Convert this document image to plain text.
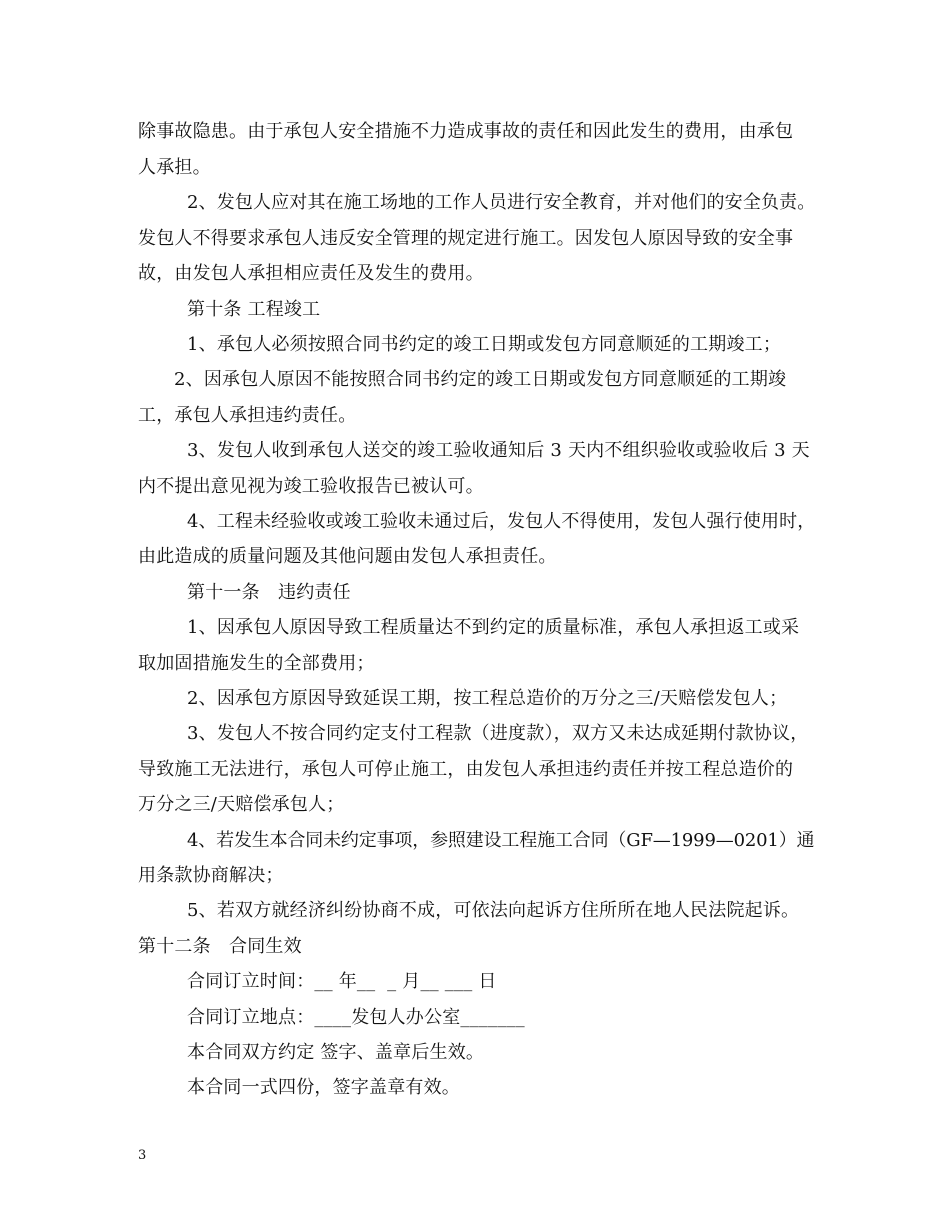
除事故隐患。由于承包人安全措施不力造成事故的责任和因此发生的费用，由承包
人承担。
2、发包人应对其在施工场地的工作人员进行安全教育，并对他们的安全负责。
发包人不得要求承包人违反安全管理的规定进行施工。因发包人原因导致的安全事
故，由发包人承担相应责任及发生的费用。
第十条 工程竣工
1、承包人必须按照合同书约定的竣工日期或发包方同意顺延的工期竣工；
2、因承包人原因不能按照合同书约定的竣工日期或发包方同意顺延的工期竣
工，承包人承担违约责任。
3、发包人收到承包人送交的竣工验收通知后 3 天内不组织验收或验收后 3 天
内不提出意见视为竣工验收报告已被认可。
4、工程未经验收或竣工验收未通过后，发包人不得使用，发包人强行使用时，
由此造成的质量问题及其他问题由发包人承担责任。
第十一条　违约责任
1、因承包人原因导致工程质量达不到约定的质量标准，承包人承担返工或采
取加固措施发生的全部费用；
2、因承包方原因导致延误工期，按工程总造价的万分之三/天赔偿发包人；
3、发包人不按合同约定支付工程款（进度款），双方又未达成延期付款协议，
导致施工无法进行，承包人可停止施工，由发包人承担违约责任并按工程总造价的
万分之三/天赔偿承包人；
4、若发生本合同未约定事项，参照建设工程施工合同（GF—1999—0201）通
用条款协商解决；
5、若双方就经济纠纷协商不成，可依法向起诉方住所所在地人民法院起诉。
第十二条　合同生效
合同订立时间：__ 年__  _ 月__ ___ 日
合同订立地点：____发包人办公室_______
本合同双方约定 签字、盖章后生效。
本合同一式四份，签字盖章有效。
3
